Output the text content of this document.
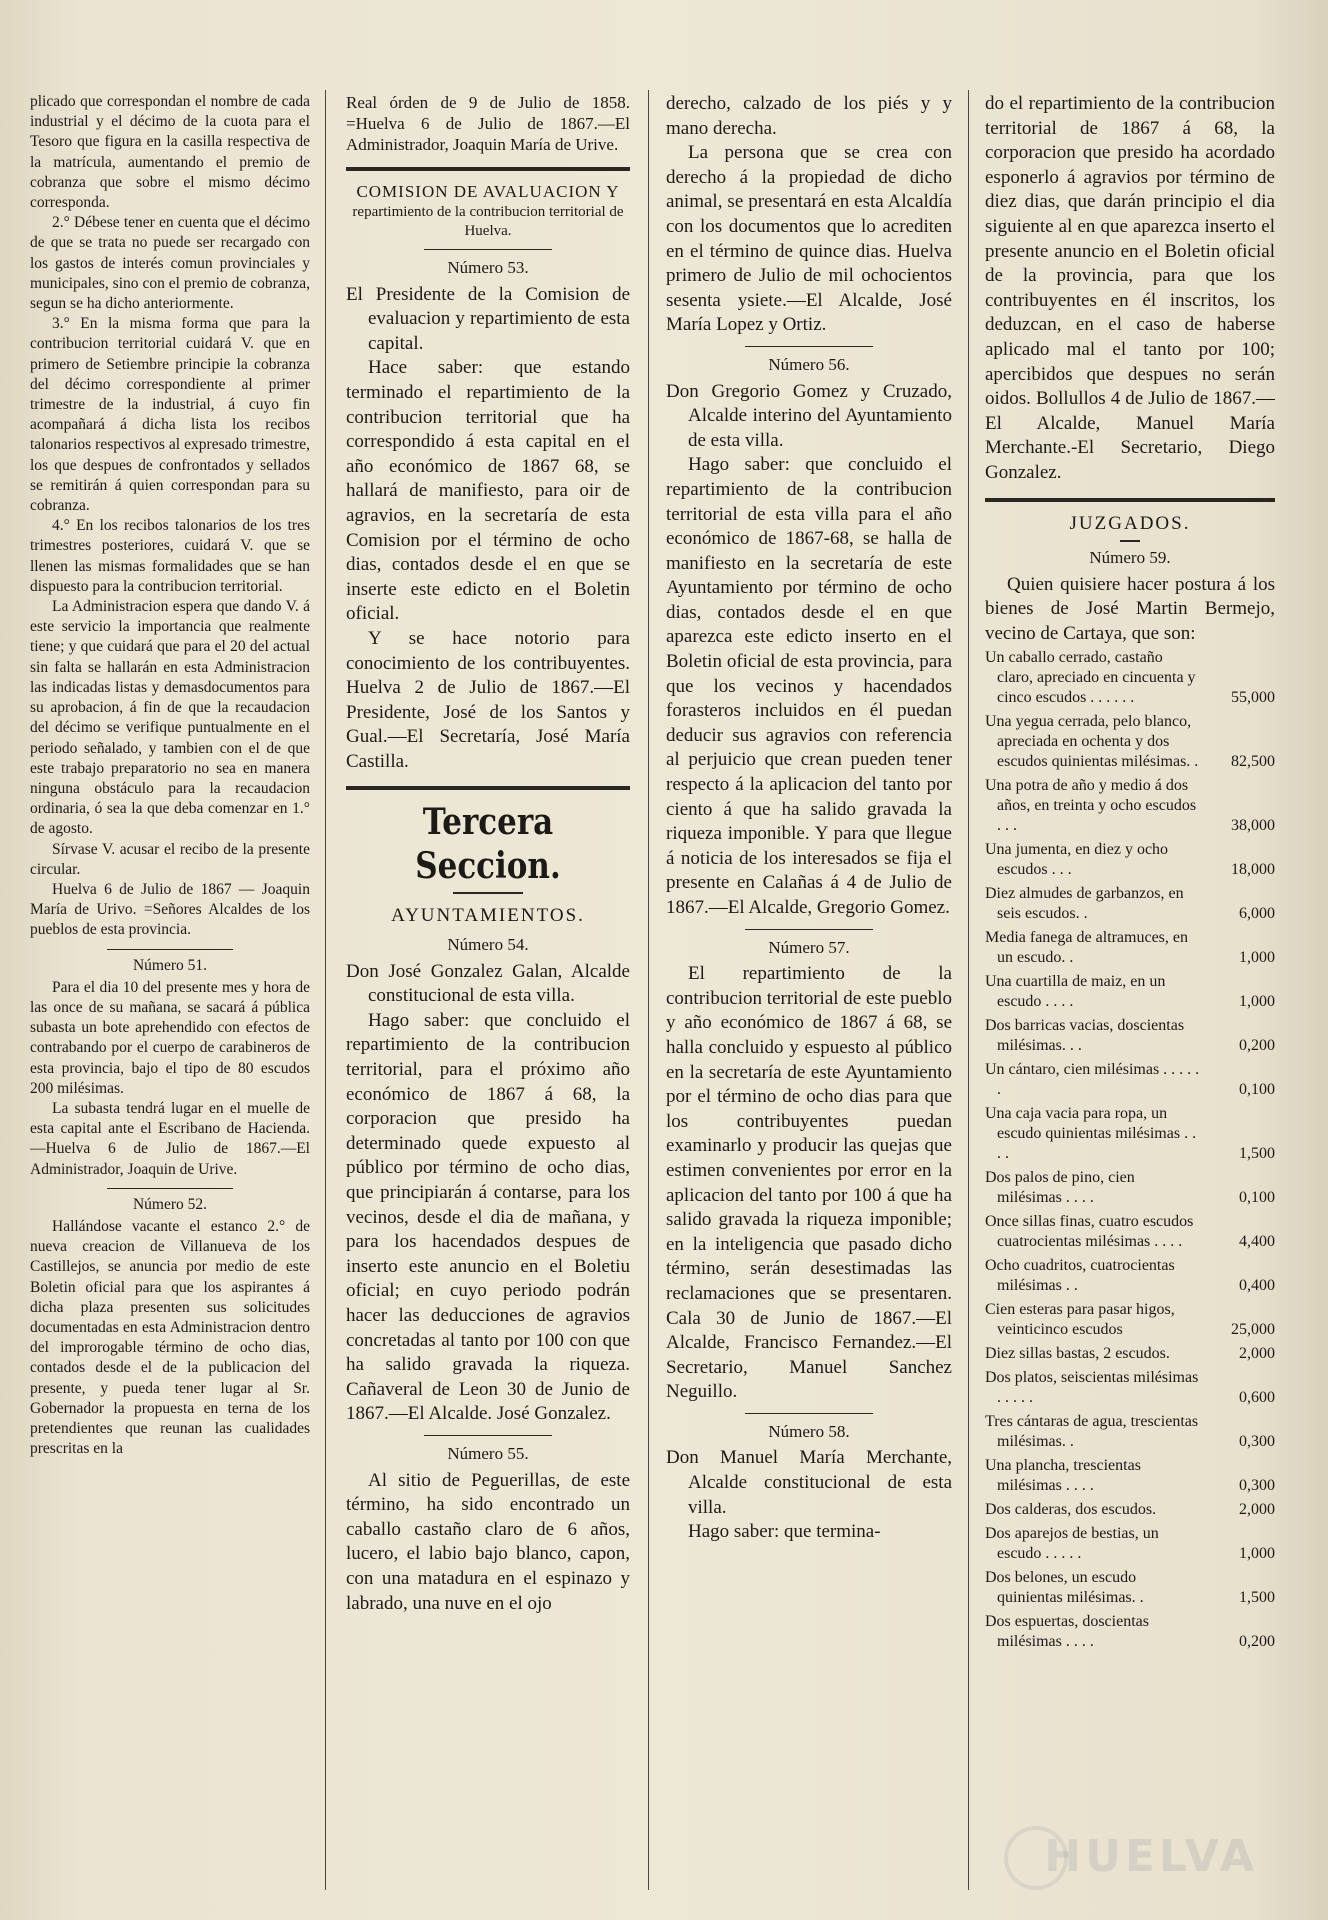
plicado que correspondan el nombre de cada industrial y el décimo de la cuota para el Tesoro que figura en la casilla respectiva de la matrícula, aumentando el premio de cobranza que sobre el mismo décimo corresponda.

2.° Débese tener en cuenta que el décimo de que se trata no puede ser recargado con los gastos de interés comun provinciales y municipales, sino con el premio de cobranza, segun se ha dicho anteriormente.

3.° En la misma forma que para la contribucion territorial cuidará V. que en primero de Setiembre principie la cobranza del décimo correspondiente al primer trimestre de la industrial, á cuyo fin acompañará á dicha lista los recibos talonarios respectivos al expresado trimestre, los que despues de confrontados y sellados se remitirán á quien correspondan para su cobranza.

4.° En los recibos talonarios de los tres trimestres posteriores, cuidará V. que se llenen las mismas formalidades que se han dispuesto para la contribucion territorial.

La Administracion espera que dando V. á este servicio la importancia que realmente tiene; y que cuidará que para el 20 del actual sin falta se hallarán en esta Administracion las indicadas listas y demasdocumentos para su aprobacion, á fin de que la recaudacion del décimo se verifique puntualmente en el periodo señalado, y tambien con el de que este trabajo preparatorio no sea en manera ninguna obstáculo para la recaudacion ordinaria, ó sea la que deba comenzar en 1.° de agosto.

Sírvase V. acusar el recibo de la presente circular.

Huelva 6 de Julio de 1867 — Joaquin María de Urivo. =Señores Alcaldes de los pueblos de esta provincia.

Número 51.

Para el dia 10 del presente mes y hora de las once de su mañana, se sacará á pública subasta un bote aprehendido con efectos de contrabando por el cuerpo de carabineros de esta provincia, bajo el tipo de 80 escudos 200 milésimas.

La subasta tendrá lugar en el muelle de esta capital ante el Escribano de Hacienda.—Huelva 6 de Julio de 1867.—El Administrador, Joaquin de Urive.

Número 52.

Hallándose vacante el estanco 2.° de nueva creacion de Villanueva de los Castillejos, se anuncia por medio de este Boletin oficial para que los aspirantes á dicha plaza presenten sus solicitudes documentadas en esta Administracion dentro del improrogable término de ocho dias, contados desde el de la publicacion del presente, y pueda tener lugar al Sr. Gobernador la propuesta en terna de los pretendientes que reunan las cualidades prescritas en la

Real órden de 9 de Julio de 1858. =Huelva 6 de Julio de 1867.—El Administrador, Joaquin María de Urive.

COMISION DE AVALUACION Y

repartimiento de la contribucion territorial de Huelva.

Número 53.

El Presidente de la Comision de evaluacion y repartimiento de esta capital.

Hace saber: que estando terminado el repartimiento de la contribucion territorial que ha correspondido á esta capital en el año económico de 1867 68, se hallará de manifiesto, para oir de agravios, en la secretaría de esta Comision por el término de ocho dias, contados desde el en que se inserte este edicto en el Boletin oficial.

Y se hace notorio para conocimiento de los contribuyentes. Huelva 2 de Julio de 1867.—El Presidente, José de los Santos y Gual.—El Secretaría, José María Castilla.

Tercera Seccion.

AYUNTAMIENTOS.

Número 54.

Don José Gonzalez Galan, Alcalde constitucional de esta villa.

Hago saber: que concluido el repartimiento de la contribucion territorial, para el próximo año económico de 1867 á 68, la corporacion que presido ha determinado quede expuesto al público por término de ocho dias, que principiarán á contarse, para los vecinos, desde el dia de mañana, y para los hacendados despues de inserto este anuncio en el Boletiu oficial; en cuyo periodo podrán hacer las deducciones de agravios concretadas al tanto por 100 con que ha salido gravada la riqueza. Cañaveral de Leon 30 de Junio de 1867.—El Alcalde. José Gonzalez.

Número 55.

Al sitio de Peguerillas, de este término, ha sido encontrado un caballo castaño claro de 6 años, lucero, el labio bajo blanco, capon, con una matadura en el espinazo y labrado, una nuve en el ojo

derecho, calzado de los piés y y mano derecha.

La persona que se crea con derecho á la propiedad de dicho animal, se presentará en esta Alcaldía con los documentos que lo acrediten en el término de quince dias. Huelva primero de Julio de mil ochocientos sesenta ysiete.—El Alcalde, José María Lopez y Ortiz.

Número 56.

Don Gregorio Gomez y Cruzado, Alcalde interino del Ayuntamiento de esta villa.

Hago saber: que concluido el repartimiento de la contribucion territorial de esta villa para el año económico de 1867-68, se halla de manifiesto en la secretaría de este Ayuntamiento por término de ocho dias, contados desde el en que aparezca este edicto inserto en el Boletin oficial de esta provincia, para que los vecinos y hacendados forasteros incluidos en él puedan deducir sus agravios con referencia al perjuicio que crean pueden tener respecto á la aplicacion del tanto por ciento á que ha salido gravada la riqueza imponible. Y para que llegue á noticia de los interesados se fija el presente en Calañas á 4 de Julio de 1867.—El Alcalde, Gregorio Gomez.

Número 57.

El repartimiento de la contribucion territorial de este pueblo y año económico de 1867 á 68, se halla concluido y espuesto al público en la secretaría de este Ayuntamiento por el término de ocho dias para que los contribuyentes puedan examinarlo y producir las quejas que estimen convenientes por error en la aplicacion del tanto por 100 á que ha salido gravada la riqueza imponible; en la inteligencia que pasado dicho término, serán desestimadas las reclamaciones que se presentaren. Cala 30 de Junio de 1867.—El Alcalde, Francisco Fernandez.—El Secretario, Manuel Sanchez Neguillo.

Número 58.

Don Manuel María Merchante, Alcalde constitucional de esta villa.

Hago saber: que termina-

do el repartimiento de la contribucion territorial de 1867 á 68, la corporacion que presido ha acordado esponerlo á agravios por término de diez dias, que darán principio el dia siguiente al en que aparezca inserto el presente anuncio en el Boletin oficial de la provincia, para que los contribuyentes en él inscritos, los deduzcan, en el caso de haberse aplicado mal el tanto por 100; apercibidos que despues no serán oidos. Bollullos 4 de Julio de 1867.—El Alcalde, Manuel María Merchante.-El Secretario, Diego Gonzalez.

JUZGADOS.

Número 59.

Quien quisiere hacer postura á los bienes de José Martin Bermejo, vecino de Cartaya, que son:

Un caballo cerrado, castaño claro, apreciado en cincuenta y cinco escudos . . . . . .	55,000
Una yegua cerrada, pelo blanco, apreciada en ochenta y dos escudos quinientas milésimas. .	82,500
Una potra de año y medio á dos años, en treinta y ocho escudos . . .	38,000
Una jumenta, en diez y ocho escudos . . .	18,000
Diez almudes de garbanzos, en seis escudos. .	6,000
Media fanega de altramuces, en un escudo. .	1,000
Una cuartilla de maiz, en un escudo . . . .	1,000
Dos barricas vacias, doscientas milésimas. . .	0,200
Un cántaro, cien milésimas . . . . . .	0,100
Una caja vacia para ropa, un escudo quinientas milésimas . . . .	1,500
Dos palos de pino, cien milésimas . . . .	0,100
Once sillas finas, cuatro escudos cuatrocientas milésimas . . . .	4,400
Ocho cuadritos, cuatrocientas milésimas . .	0,400
Cien esteras para pasar higos, veinticinco escudos	25,000
Diez sillas bastas, 2 escudos.	2,000
Dos platos, seiscientas milésimas . . . . .	0,600
Tres cántaras de agua, trescientas milésimas. .	0,300
Una plancha, trescientas milésimas . . . .	0,300
Dos calderas, dos escudos.	2,000
Dos aparejos de bestias, un escudo . . . . .	1,000
Dos belones, un escudo quinientas milésimas. .	1,500
Dos espuertas, doscientas milésimas . . . .	0,200
HUELVA
